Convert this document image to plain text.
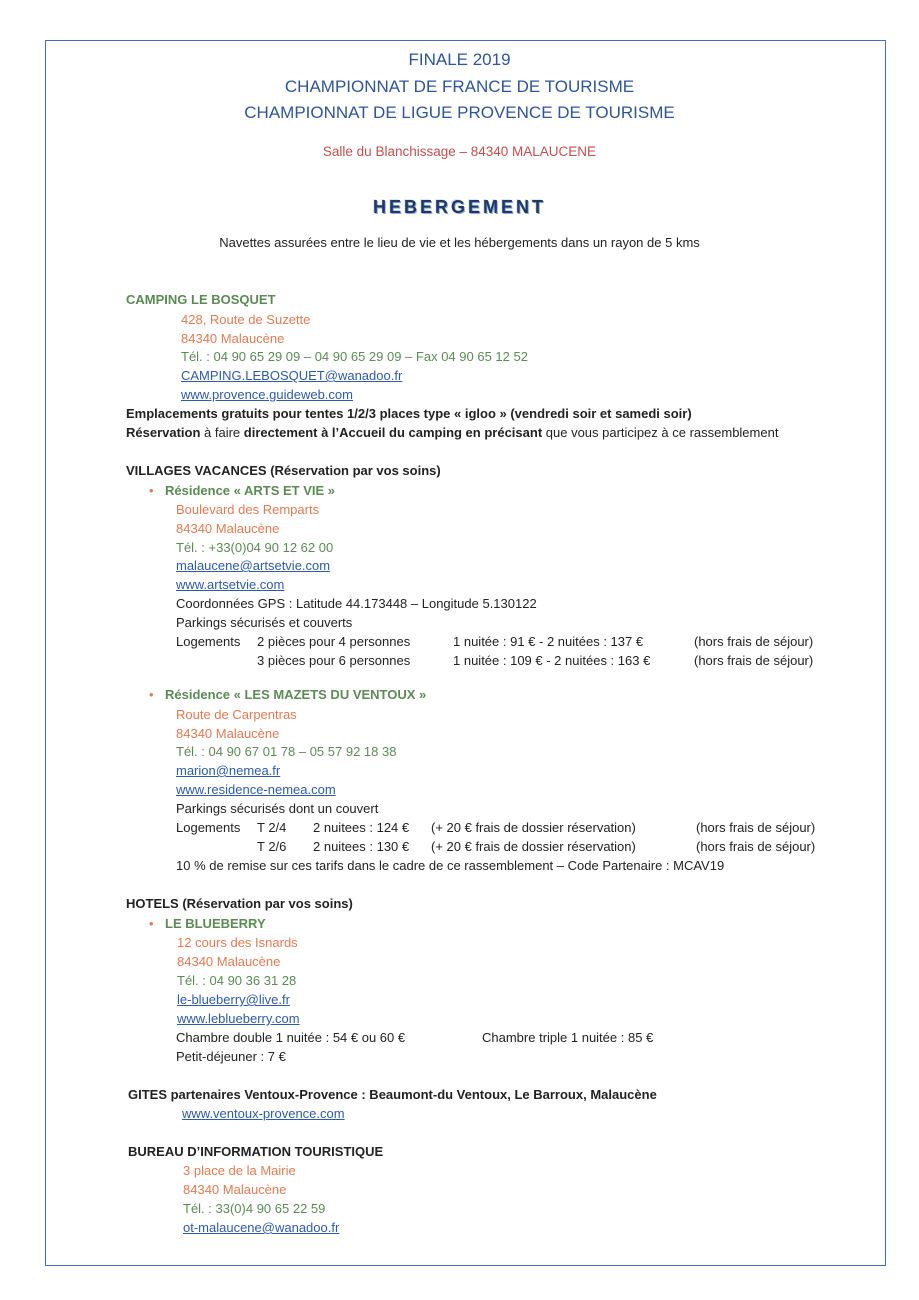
FINALE 2019
CHAMPIONNAT DE FRANCE DE TOURISME
CHAMPIONNAT DE LIGUE PROVENCE DE TOURISME
Salle du Blanchissage – 84340 MALAUCENE
HEBERGEMENT
Navettes assurées entre le lieu de vie et les hébergements dans un rayon de 5 kms
CAMPING LE BOSQUET
428, Route de Suzette
84340 Malaucène
Tél. : 04 90 65 29 09 – 04 90 65 29 09 – Fax 04 90 65 12 52
CAMPING.LEBOSQUET@wanadoo.fr
www.provence.guideweb.com
Emplacements gratuits pour tentes 1/2/3 places type « igloo » (vendredi soir et samedi soir)
Réservation à faire directement à l’Accueil du camping en précisant que vous participez à ce rassemblement
VILLAGES VACANCES (Réservation par vos soins)
• Résidence « ARTS ET VIE »
Boulevard des Remparts
84340 Malaucène
Tél. : +33(0)04 90 12 62 00
malaucene@artsetvie.com
www.artsetvie.com
Coordonnées GPS : Latitude 44.173448 – Longitude 5.130122
Parkings sécurisés et couverts
Logements 2 pièces pour 4 personnes	1 nuitée : 91 € - 2 nuitées : 137 €	(hors frais de séjour)
3 pièces pour 6 personnes	1 nuitée : 109 € - 2 nuitées : 163 €	(hors frais de séjour)
• Résidence « LES MAZETS DU VENTOUX »
Route de Carpentras
84340 Malaucène
Tél. : 04 90 67 01 78 – 05 57 92 18 38
marion@nemea.fr
www.residence-nemea.com
Parkings sécurisés dont un couvert
Logements T 2/4 2 nuitees : 124 € (+ 20 € frais de dossier réservation)	(hors frais de séjour)
T 2/6 2 nuitees : 130 € (+ 20 € frais de dossier réservation)	(hors frais de séjour)
10 % de remise sur ces tarifs dans le cadre de ce rassemblement – Code Partenaire : MCAV19
HOTELS (Réservation par vos soins)
• LE BLUEBERRY
12 cours des Isnards
84340 Malaucène
Tél. : 04 90 36 31 28
le-blueberry@live.fr
www.leblueberry.com
Chambre double 1 nuitée : 54 € ou 60 €	Chambre triple 1 nuitée : 85 €
Petit-déjeuner : 7 €
GITES partenaires Ventoux-Provence : Beaumont-du Ventoux, Le Barroux, Malaucène
www.ventoux-provence.com
BUREAU D’INFORMATION TOURISTIQUE
3 place de la Mairie
84340 Malaucène
Tél. : 33(0)4 90 65 22 59
ot-malaucene@wanadoo.fr
